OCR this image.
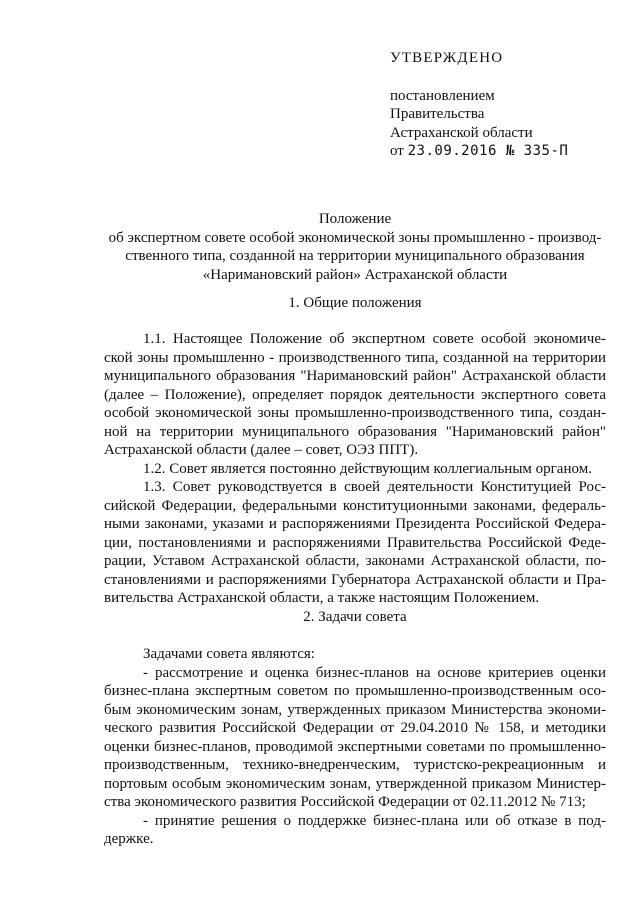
УТВЕРЖДЕНО
постановлением
Правительства
Астраханской области
от 23.09.2016 № 335-П
Положение
об экспертном совете особой экономической зоны промышленно - производ-
ственного типа, созданной на территории муниципального образования
«Наримановский район» Астраханской области
1. Общие положения
1.1. Настоящее Положение об экспертном совете особой экономиче-
ской зоны промышленно - производственного типа, созданной на территории
муниципального образования "Наримановский район" Астраханской области
(далее – Положение), определяет порядок деятельности экспертного совета
особой экономической зоны промышленно-производственного типа, создан-
ной на территории муниципального образования "Наримановский район"
Астраханской области (далее – совет, ОЭЗ ППТ).
1.2. Совет является постоянно действующим коллегиальным органом.
1.3. Совет руководствуется в своей деятельности Конституцией Рос-
сийской Федерации, федеральными конституционными законами, федераль-
ными законами, указами и распоряжениями Президента Российской Федера-
ции, постановлениями и распоряжениями Правительства Российской Феде-
рации, Уставом Астраханской области, законами Астраханской области, по-
становлениями и распоряжениями Губернатора Астраханской области и Пра-
вительства Астраханской области, а также настоящим Положением.
2. Задачи совета
Задачами совета являются:
- рассмотрение и оценка бизнес-планов на основе критериев оценки
бизнес-плана экспертным советом по промышленно-производственным осо-
бым экономическим зонам, утвержденных приказом Министерства экономи-
ческого развития Российской Федерации от 29.04.2010 № 158, и методики
оценки бизнес-планов, проводимой экспертными советами по промышленно-
производственным, технико-внедренческим, туристско-рекреационным и
портовым особым экономическим зонам, утвержденной приказом Министер-
ства экономического развития Российской Федерации от 02.11.2012 № 713;
- принятие решения о поддержке бизнес-плана или об отказе в под-
держке.
